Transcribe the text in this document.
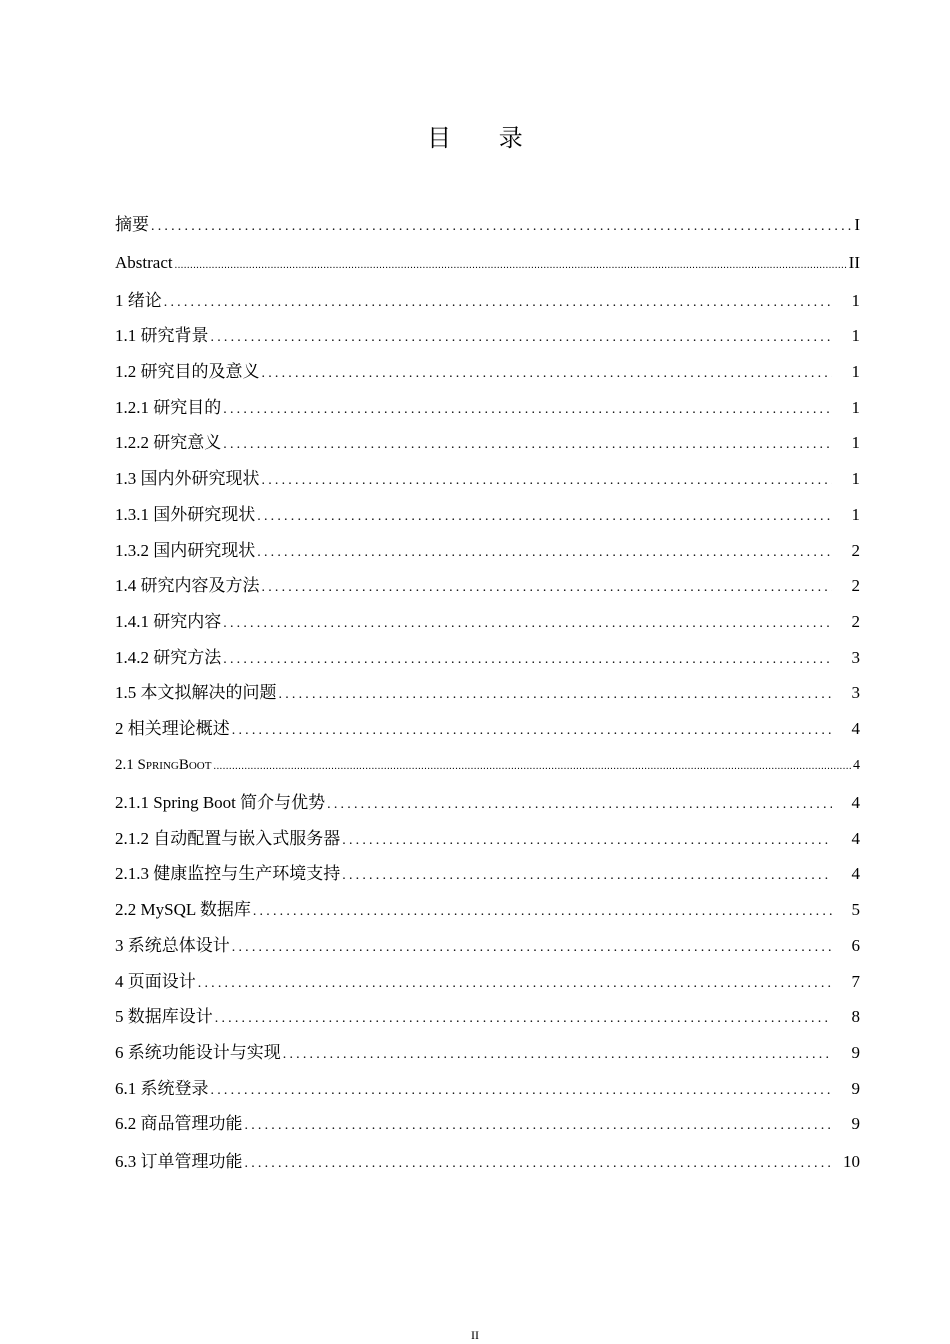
目 录
摘要 .....	I
Abstract .....	II
1 绪论 .....	1
1.1 研究背景 .....	1
1.2 研究目的及意义 .....	1
1.2.1 研究目的 .....	1
1.2.2 研究意义 .....	1
1.3 国内外研究现状 .....	1
1.3.1 国外研究现状 .....	1
1.3.2 国内研究现状 .....	2
1.4 研究内容及方法 .....	2
1.4.1 研究内容 .....	2
1.4.2 研究方法 .....	3
1.5 本文拟解决的问题 .....	3
2 相关理论概述 .....	4
2.1 SpringBoot .....	4
2.1.1 Spring Boot 简介与优势 .....	4
2.1.2 自动配置与嵌入式服务器 .....	4
2.1.3 健康监控与生产环境支持 .....	4
2.2 MySQL 数据库 .....	5
3 系统总体设计 .....	6
4 页面设计 .....	7
5 数据库设计 .....	8
6 系统功能设计与实现 .....	9
6.1 系统登录 .....	9
6.2 商品管理功能 .....	9
6.3 订单管理功能 .....	10
II
